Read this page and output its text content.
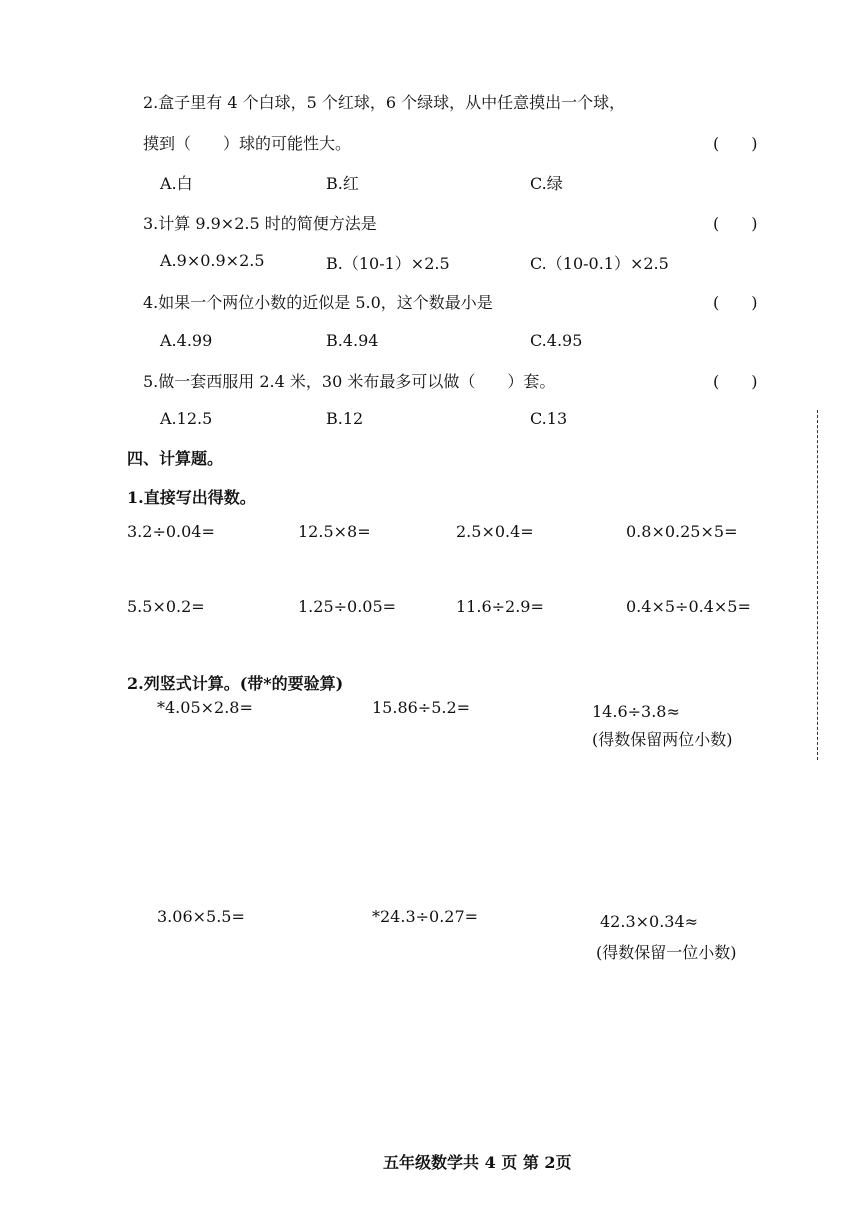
2.盒子里有 4 个白球，5 个红球，6 个绿球，从中任意摸出一个球，
摸到（　　）球的可能性大。	(　　)
A.白	B.红	C.绿
3.计算 9.9×2.5 时的简便方法是	(　　)
A.9×0.9×2.5	B.（10-1）×2.5	C.（10-0.1）×2.5
4.如果一个两位小数的近似是 5.0，这个数最小是	(　　)
A.4.99	B.4.94	C.4.95
5.做一套西服用 2.4 米，30 米布最多可以做（　　）套。	(　　)
A.12.5	B.12	C.13
四、计算题。
1.直接写出得数。
3.2÷0.04=	12.5×8=	2.5×0.4=	0.8×0.25×5=
5.5×0.2=	1.25÷0.05=	11.6÷2.9=	0.4×5÷0.4×5=
2.列竖式计算。(带*的要验算)
*4.05×2.8=	15.86÷5.2=	14.6÷3.8≈
(得数保留两位小数)
3.06×5.5=	*24.3÷0.27=	42.3×0.34≈
(得数保留一位小数)
五年级数学共 4 页 第 2页
